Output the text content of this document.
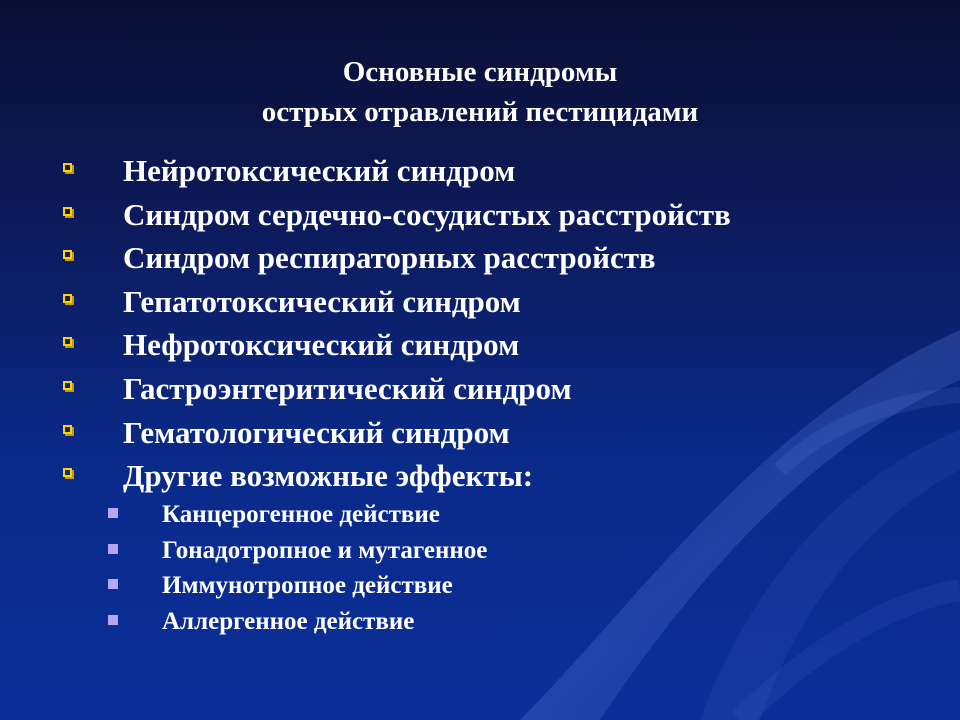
Основные синдромы
острых отравлений пестицидами
Нейротоксический синдром
Синдром сердечно-сосудистых расстройств
Синдром респираторных расстройств
Гепатотоксический синдром
Нефротоксический синдром
Гастроэнтеритический синдром
Гематологический синдром
Другие возможные эффекты:
Канцерогенное действие
Гонадотропное и мутагенное
Иммунотропное действие
Аллергенное действие
